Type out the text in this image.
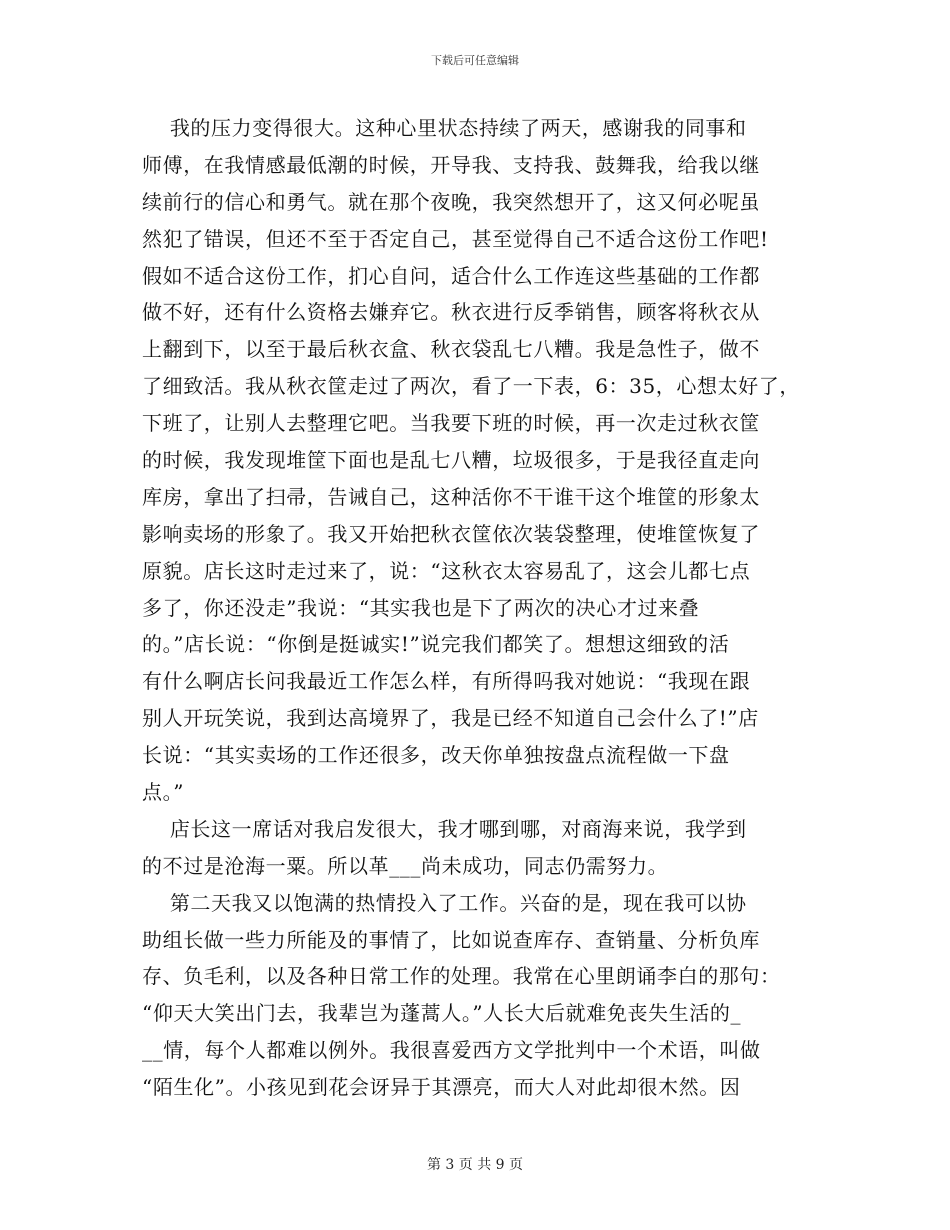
下载后可任意编辑
我的压力变得很大。这种心里状态持续了两天，感谢我的同事和
师傅，在我情感最低潮的时候，开导我、支持我、鼓舞我，给我以继
续前行的信心和勇气。就在那个夜晚，我突然想开了，这又何必呢虽
然犯了错误，但还不至于否定自己，甚至觉得自己不适合这份工作吧!
假如不适合这份工作，扪心自问，适合什么工作连这些基础的工作都
做不好，还有什么资格去嫌弃它。秋衣进行反季销售，顾客将秋衣从
上翻到下，以至于最后秋衣盒、秋衣袋乱七八糟。我是急性子，做不
了细致活。我从秋衣筐走过了两次，看了一下表，6：35，心想太好了，
下班了，让别人去整理它吧。当我要下班的时候，再一次走过秋衣筐
的时候，我发现堆筐下面也是乱七八糟，垃圾很多，于是我径直走向
库房，拿出了扫帚，告诫自己，这种活你不干谁干这个堆筐的形象太
影响卖场的形象了。我又开始把秋衣筐依次装袋整理，使堆筐恢复了
原貌。店长这时走过来了，说：“这秋衣太容易乱了，这会儿都七点
多了，你还没走”我说：“其实我也是下了两次的决心才过来叠
的。”店长说：“你倒是挺诚实!”说完我们都笑了。想想这细致的活
有什么啊店长问我最近工作怎么样，有所得吗我对她说：“我现在跟
别人开玩笑说，我到达高境界了，我是已经不知道自己会什么了!”店
长说：“其实卖场的工作还很多，改天你单独按盘点流程做一下盘
点。”
店长这一席话对我启发很大，我才哪到哪，对商海来说，我学到
的不过是沧海一粟。所以革___尚未成功，同志仍需努力。
第二天我又以饱满的热情投入了工作。兴奋的是，现在我可以协
助组长做一些力所能及的事情了，比如说查库存、查销量、分析负库
存、负毛利，以及各种日常工作的处理。我常在心里朗诵李白的那句：
“仰天大笑出门去，我辈岂为蓬蒿人。”人长大后就难免丧失生活的_
__情，每个人都难以例外。我很喜爱西方文学批判中一个术语，叫做
“陌生化”。小孩见到花会讶异于其漂亮，而大人对此却很木然。因
第 3 页 共 9 页
